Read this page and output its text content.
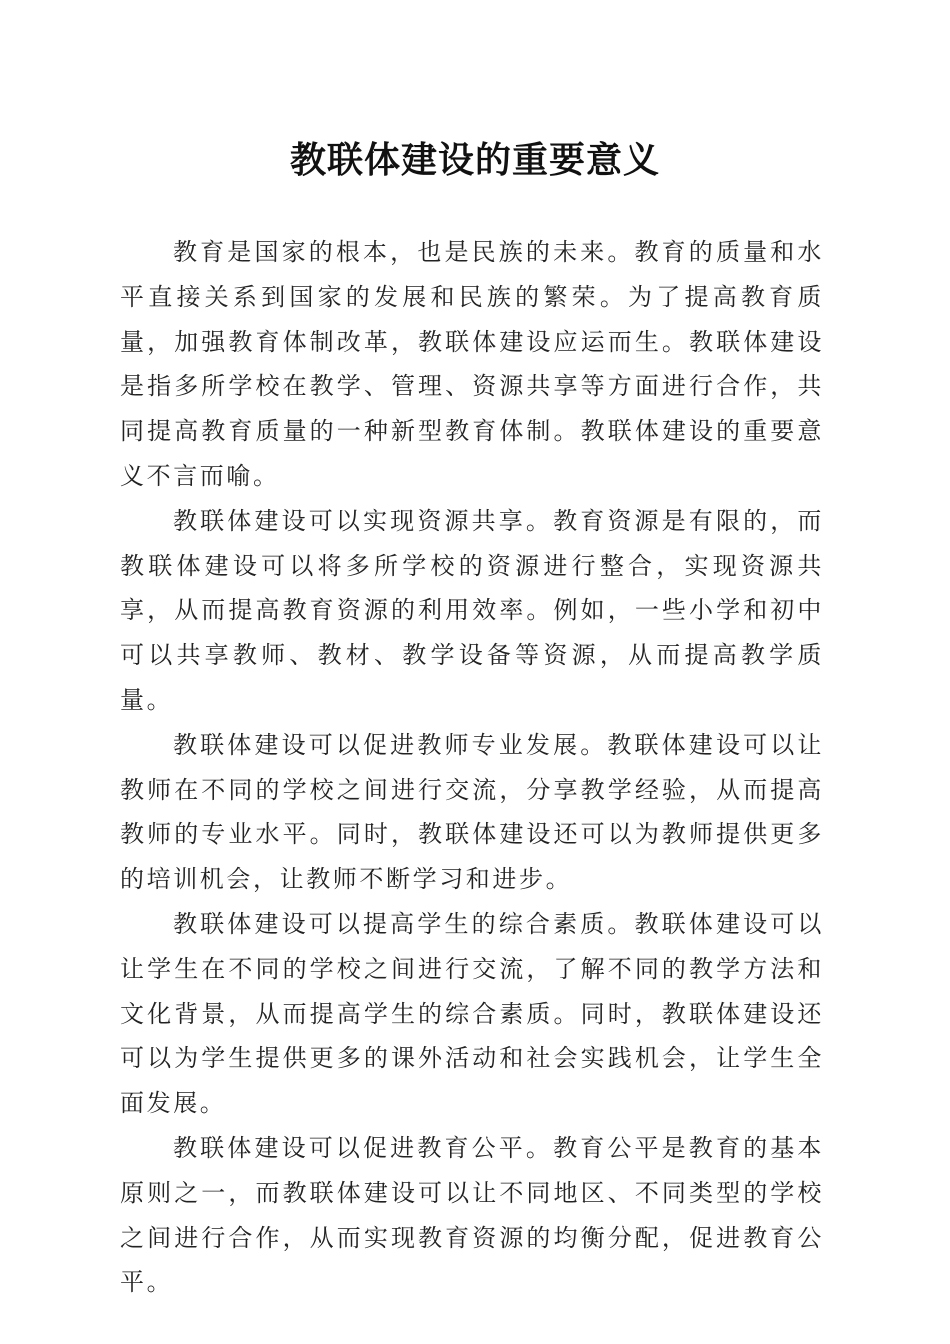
教联体建设的重要意义

教育是国家的根本，也是民族的未来。教育的质量和水平直接关系到国家的发展和民族的繁荣。为了提高教育质量，加强教育体制改革，教联体建设应运而生。教联体建设是指多所学校在教学、管理、资源共享等方面进行合作，共同提高教育质量的一种新型教育体制。教联体建设的重要意义不言而喻。

教联体建设可以实现资源共享。教育资源是有限的，而教联体建设可以将多所学校的资源进行整合，实现资源共享，从而提高教育资源的利用效率。例如，一些小学和初中可以共享教师、教材、教学设备等资源，从而提高教学质量。

教联体建设可以促进教师专业发展。教联体建设可以让教师在不同的学校之间进行交流，分享教学经验，从而提高教师的专业水平。同时，教联体建设还可以为教师提供更多的培训机会，让教师不断学习和进步。

教联体建设可以提高学生的综合素质。教联体建设可以让学生在不同的学校之间进行交流，了解不同的教学方法和文化背景，从而提高学生的综合素质。同时，教联体建设还可以为学生提供更多的课外活动和社会实践机会，让学生全面发展。

教联体建设可以促进教育公平。教育公平是教育的基本原则之一，而教联体建设可以让不同地区、不同类型的学校之间进行合作，从而实现教育资源的均衡分配，促进教育公平。
